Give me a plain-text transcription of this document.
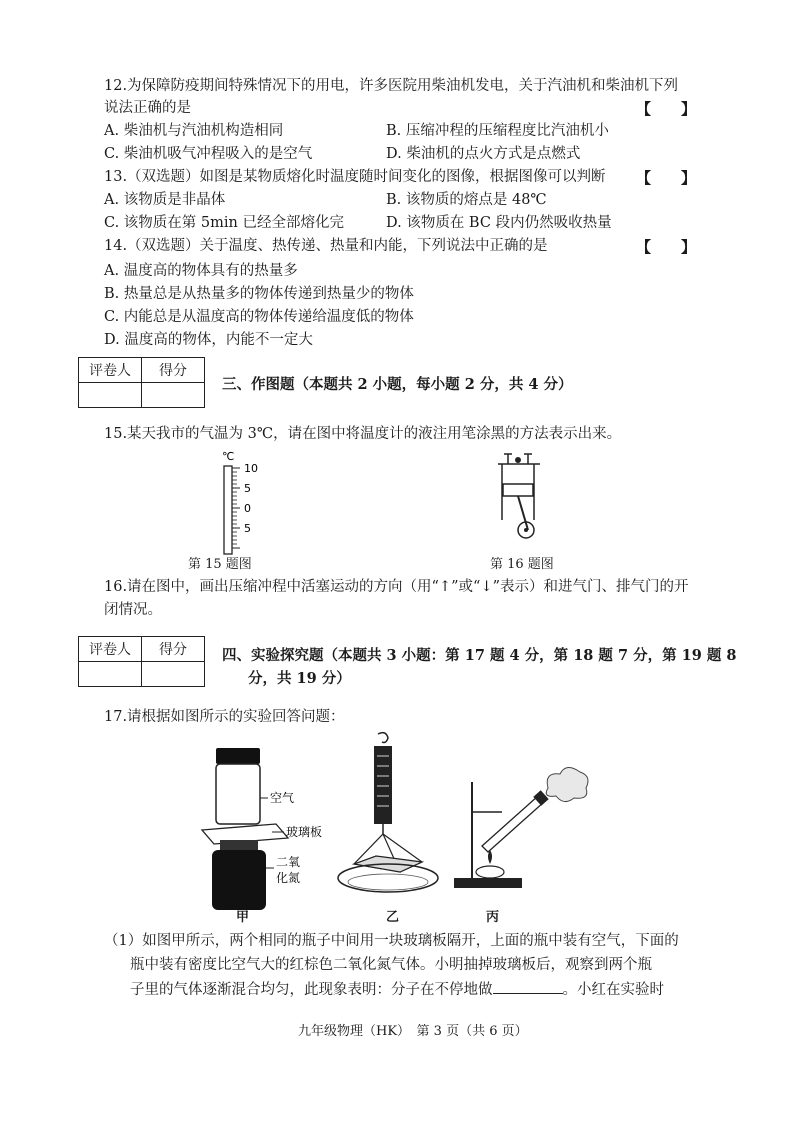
12.为保障防疫期间特殊情况下的用电，许多医院用柴油机发电，关于汽油机和柴油机下列
说法正确的是	【　　】
A. 柴油机与汽油机构造相同	B. 压缩冲程的压缩程度比汽油机小
C. 柴油机吸气冲程吸入的是空气	D. 柴油机的点火方式是点燃式
13.（双选题）如图是某物质熔化时温度随时间变化的图像，根据图像可以判断 【　　】
A. 该物质是非晶体	B. 该物质的熔点是 48℃
C. 该物质在第 5min 已经全部熔化完	D. 该物质在 BC 段内仍然吸收热量
14.（双选题）关于温度、热传递、热量和内能，下列说法中正确的是	【　　】
A. 温度高的物体具有的热量多
B. 热量总是从热量多的物体传递到热量少的物体
C. 内能总是从温度高的物体传递给温度低的物体
D. 温度高的物体，内能不一定大
评卷人	得分

三、作图题（本题共 2 小题，每小题 2 分，共 4 分）
15.某天我市的气温为 3℃，请在图中将温度计的液注用笔涂黑的方法表示出来。
℃
10
5
0
5
第 15 题图	第 16 题图
16.请在图中，画出压缩冲程中活塞运动的方向（用“↑”或“↓”表示）和进气门、排气门的开
闭情况。
评卷人	得分
	四、实验探究题（本题共 3 小题：第 17 题 4 分，第 18 题 7 分，第 19 题 8
分，共 19 分）
17.请根据如图所示的实验回答问题：
空气
玻璃板
二氧
化氮
甲	乙	丙
（1）如图甲所示，两个相同的瓶子中间用一块玻璃板隔开，上面的瓶中装有空气，下面的
瓶中装有密度比空气大的红棕色二氧化氮气体。小明抽掉玻璃板后，观察到两个瓶
子里的气体逐渐混合均匀，此现象表明：分子在不停地做	。小红在实验时
九年级物理（HK）　第 3 页（共 6 页）
